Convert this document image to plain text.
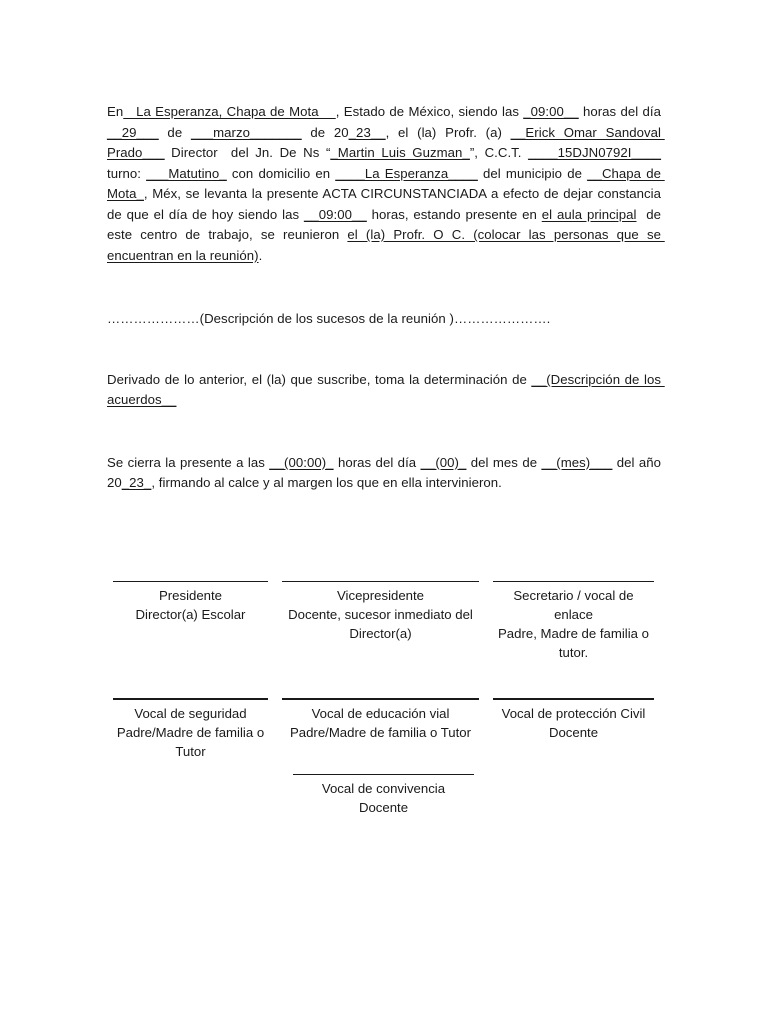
En   La Esperanza, Chapa de Mota    , Estado de México, siendo las _09:00__ horas del día __29___ de ___marzo_______ de 20_23__, el (la) Profr. (a) __Erick Omar Sandoval Prado___ Director  del Jn. De Ns “_Martin Luis Guzman_”, C.C.T. ____15DJN0792I____ turno: ___Matutino_ con domicilio en ____La Esperanza____ del municipio de __Chapa de Mota_, Méx, se levanta la presente ACTA CIRCUNSTANCIADA a efecto de dejar constancia de que el día de hoy siendo las __09:00__ horas, estando presente en el aula principal  de este centro de trabajo, se reunieron el (la) Profr. O C. (colocar las personas que se encuentran en la reunión).

…………………(Descripción de los sucesos de la reunión )………………….

Derivado de lo anterior, el (la) que suscribe, toma la determinación de __(Descripción de los acuerdos__

Se cierra la presente a las __(00:00)_ horas del día __(00)_ del mes de __(mes)___ del año 20_23_, firmando al calce y al margen los que en ella intervinieron.

Presidente
Director(a) Escolar
Vicepresidente
Docente, sucesor inmediato del Director(a)
Secretario / vocal de enlace
Padre, Madre de familia o tutor.
Vocal de seguridad
Padre/Madre de familia o Tutor
Vocal de educación vial
Padre/Madre de familia o Tutor
Vocal de protección Civil
Docente
Vocal de convivencia
Docente
